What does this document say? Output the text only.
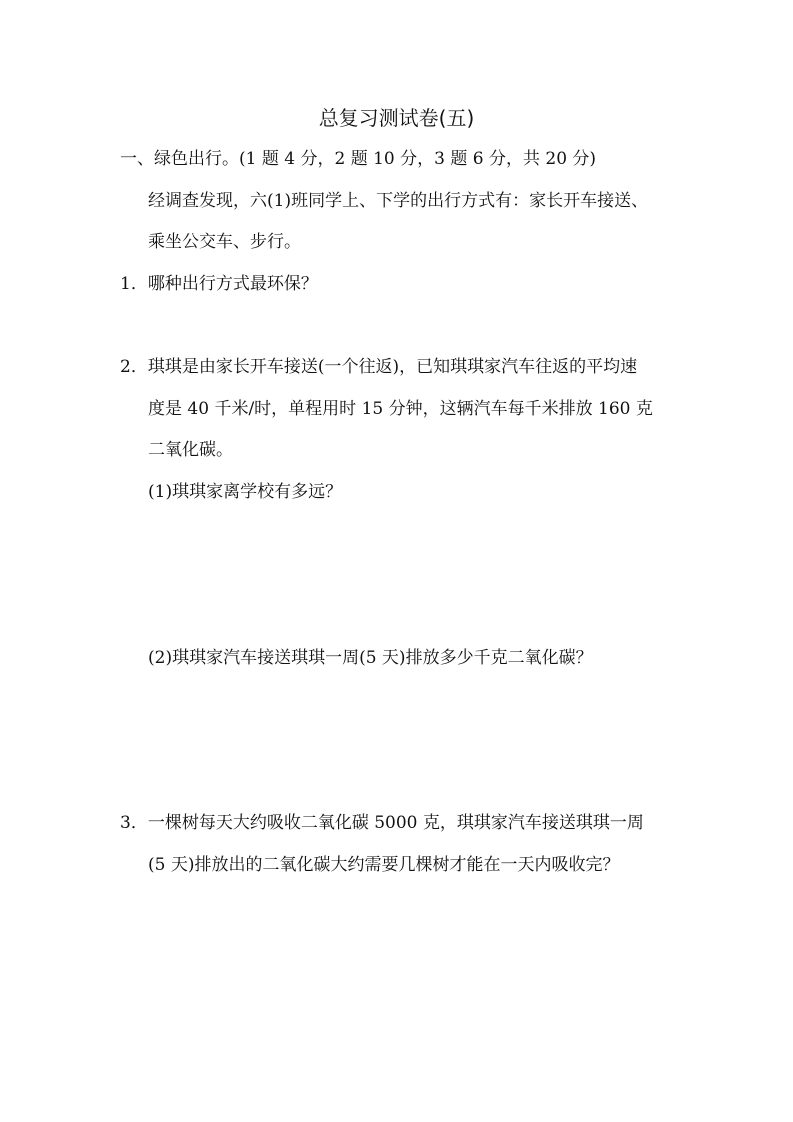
总复习测试卷(五)
一、绿色出行。(1 题 4 分，2 题 10 分，3 题 6 分，共 20 分)
经调查发现，六(1)班同学上、下学的出行方式有：家长开车接送、
乘坐公交车、步行。
1．哪种出行方式最环保？
2．琪琪是由家长开车接送(一个往返)，已知琪琪家汽车往返的平均速
度是 40 千米/时，单程用时 15 分钟，这辆汽车每千米排放 160 克
二氧化碳。
(1)琪琪家离学校有多远？
(2)琪琪家汽车接送琪琪一周(5 天)排放多少千克二氧化碳？
3．一棵树每天大约吸收二氧化碳 5000 克，琪琪家汽车接送琪琪一周
(5 天)排放出的二氧化碳大约需要几棵树才能在一天内吸收完？
